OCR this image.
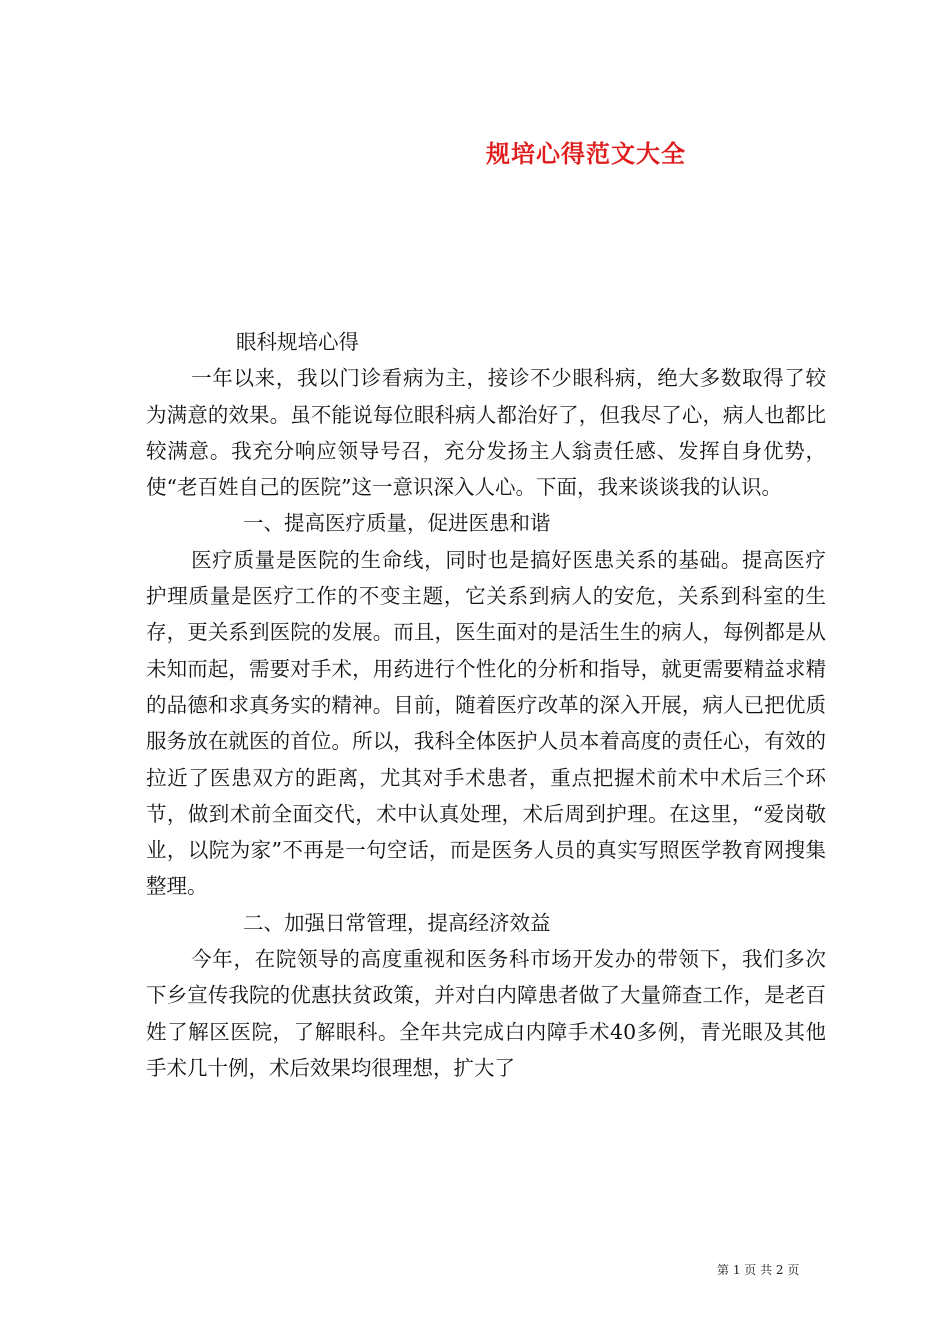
规培心得范文大全

眼科规培心得

一年以来，我以门诊看病为主，接诊不少眼科病，绝大多数取得了较为满意的效果。虽不能说每位眼科病人都治好了，但我尽了心，病人也都比较满意。我充分响应领导号召，充分发扬主人翁责任感、发挥自身优势，使“老百姓自己的医院”这一意识深入人心。下面，我来谈谈我的认识。

一、提高医疗质量，促进医患和谐

医疗质量是医院的生命线，同时也是搞好医患关系的基础。提高医疗护理质量是医疗工作的不变主题，它关系到病人的安危，关系到科室的生存，更关系到医院的发展。而且，医生面对的是活生生的病人，每例都是从未知而起，需要对手术，用药进行个性化的分析和指导，就更需要精益求精的品德和求真务实的精神。目前，随着医疗改革的深入开展，病人已把优质服务放在就医的首位。所以，我科全体医护人员本着高度的责任心，有效的拉近了医患双方的距离，尤其对手术患者，重点把握术前术中术后三个环节，做到术前全面交代，术中认真处理，术后周到护理。在这里，“爱岗敬业，以院为家”不再是一句空话，而是医务人员的真实写照医学教育网搜集整理。

二、加强日常管理，提高经济效益

今年，在院领导的高度重视和医务科市场开发办的带领下，我们多次下乡宣传我院的优惠扶贫政策，并对白内障患者做了大量筛查工作，是老百姓了解区医院，了解眼科。全年共完成白内障手术40多例，青光眼及其他手术几十例，术后效果均很理想，扩大了

第 1 页 共 2 页
